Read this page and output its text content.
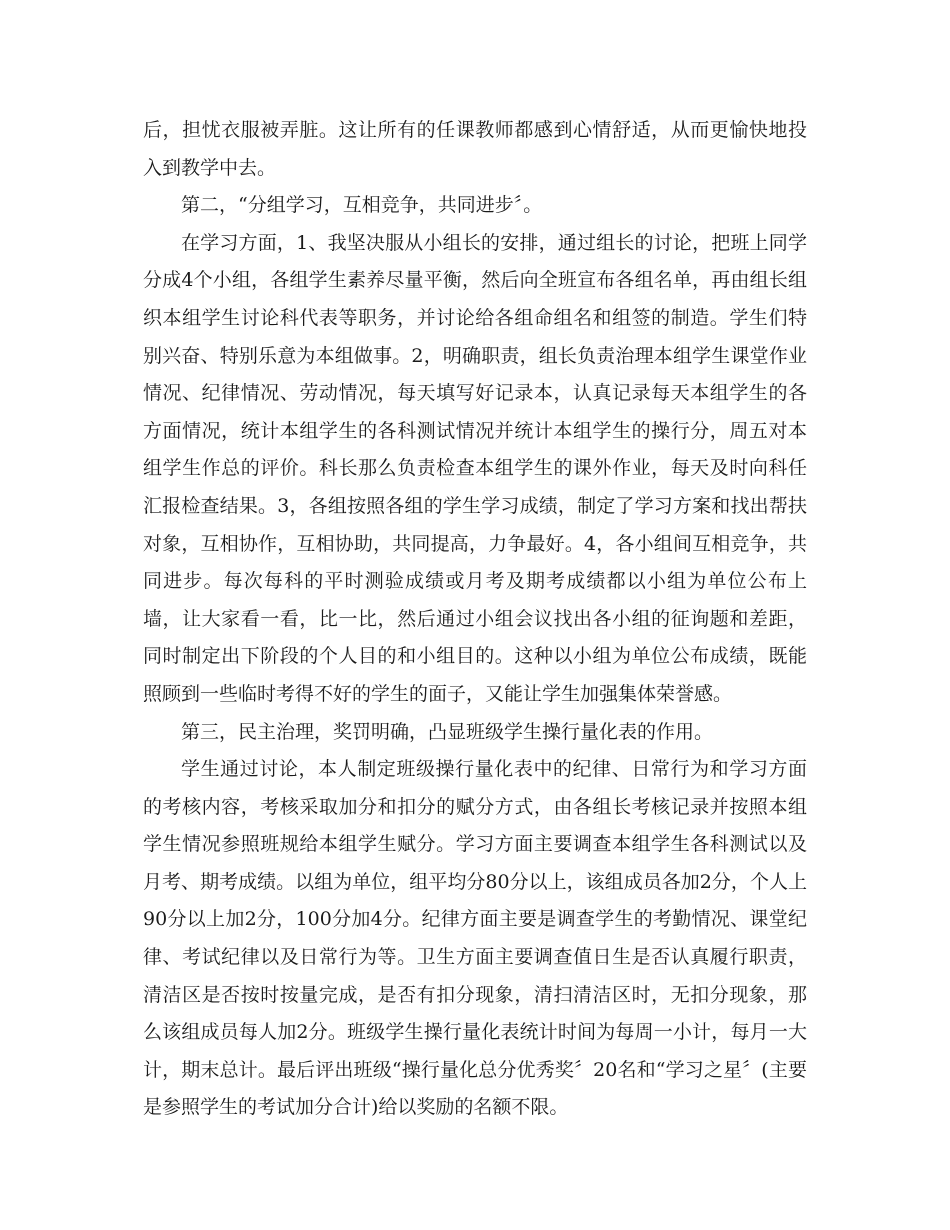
后，担忧衣服被弄脏。这让所有的任课教师都感到心情舒适，从而更愉快地投入到教学中去。

第二，“分组学习，互相竞争，共同进步〞。

在学习方面，1、我坚决服从小组长的安排，通过组长的讨论，把班上同学分成4个小组，各组学生素养尽量平衡，然后向全班宣布各组名单，再由组长组织本组学生讨论科代表等职务，并讨论给各组命组名和组签的制造。学生们特别兴奋、特别乐意为本组做事。2，明确职责，组长负责治理本组学生课堂作业情况、纪律情况、劳动情况，每天填写好记录本，认真记录每天本组学生的各方面情况，统计本组学生的各科测试情况并统计本组学生的操行分，周五对本组学生作总的评价。科长那么负责检查本组学生的课外作业，每天及时向科任汇报检查结果。3，各组按照各组的学生学习成绩，制定了学习方案和找出帮扶对象，互相协作，互相协助，共同提高，力争最好。4，各小组间互相竞争，共同进步。每次每科的平时测验成绩或月考及期考成绩都以小组为单位公布上墙，让大家看一看，比一比，然后通过小组会议找出各小组的征询题和差距，同时制定出下阶段的个人目的和小组目的。这种以小组为单位公布成绩，既能照顾到一些临时考得不好的学生的面子，又能让学生加强集体荣誉感。

第三，民主治理，奖罚明确，凸显班级学生操行量化表的作用。

学生通过讨论，本人制定班级操行量化表中的纪律、日常行为和学习方面的考核内容，考核采取加分和扣分的赋分方式，由各组长考核记录并按照本组学生情况参照班规给本组学生赋分。学习方面主要调查本组学生各科测试以及月考、期考成绩。以组为单位，组平均分80分以上，该组成员各加2分，个人上90分以上加2分，100分加4分。纪律方面主要是调查学生的考勤情况、课堂纪律、考试纪律以及日常行为等。卫生方面主要调查值日生是否认真履行职责，清洁区是否按时按量完成，是否有扣分现象，清扫清洁区时，无扣分现象，那么该组成员每人加2分。班级学生操行量化表统计时间为每周一小计，每月一大计，期末总计。最后评出班级“操行量化总分优秀奖〞20名和“学习之星〞(主要是参照学生的考试加分合计)给以奖励的名额不限。
